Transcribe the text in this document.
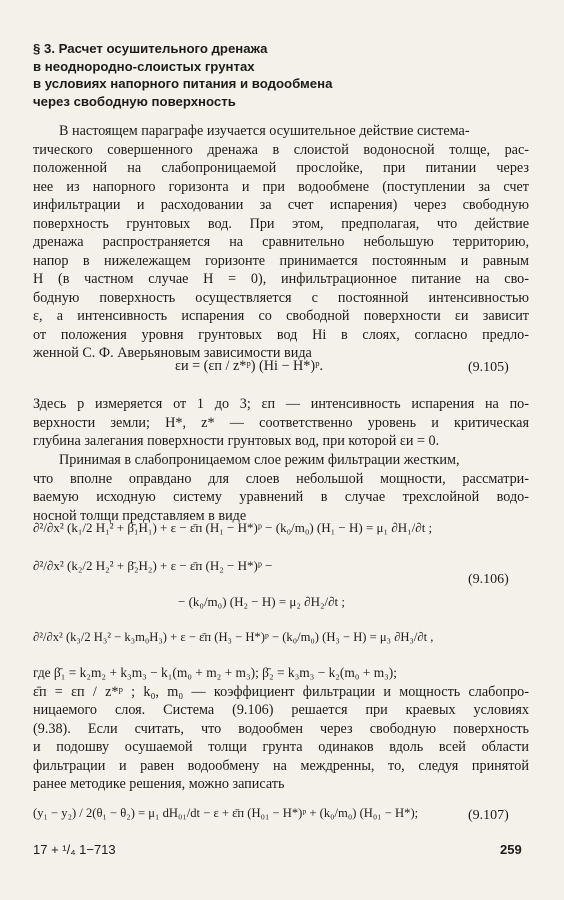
§ 3. Расчет осушительного дренажа
в неоднородно-слоистых грунтах
в условиях напорного питания и водообмена
через свободную поверхность
В настоящем параграфе изучается осушительное действие система-
тического совершенного дренажа в слоистой водоносной толще, рас-
положенной на слабопроницаемой прослойке, при питании через
нее из напорного горизонта и при водообмене (поступлении за счет
инфильтрации и расходовании за счет испарения) через свободную
поверхность грунтовых вод. При этом, предполагая, что действие
дренажа распространяется на сравнительно небольшую территорию,
напор в нижележащем горизонте принимается постоянным и равным
H (в частном случае H = 0), инфильтрационное питание на сво-
бодную поверхность осуществляется с постоянной интенсивностью
ε, а интенсивность испарения со свободной поверхности εи зависит
от положения уровня грунтовых вод Hi в слоях, согласно предло-
женной С. Ф. Аверьяновым зависимости вида
εи = (εп / z*ᵖ) (Hi − H*)ᵖ.	(9.105)
Здесь p измеряется от 1 до 3; εп — интенсивность испарения на по-
верхности земли; H*, z* — соответственно уровень и критическая
глубина залегания поверхности грунтовых вод, при которой εи = 0.
Принимая в слабопроницаемом слое режим фильтрации жестким,
что вполне оправдано для слоев небольшой мощности, рассматри-
ваемую исходную систему уравнений в случае трехслойной водо-
носной толщи представляем в виде
∂²/∂x² (k₁/2 H₁² + β̄₁H₁) + ε − ε̄п (H₁ − H*)ᵖ − (k₀/m₀) (H₁ − H) = μ₁ ∂H₁/∂t ;
∂²/∂x² (k₂/2 H₂² + β̄₂H₂) + ε − ε̄п (H₂ − H*)ᵖ −
(9.106)
− (k₀/m₀) (H₂ − H) = μ₂ ∂H₂/∂t ;
∂²/∂x² (k₃/2 H₃² − k₃m₀H₃) + ε − ε̄п (H₃ − H*)ᵖ − (k₀/m₀) (H₃ − H) = μ₃ ∂H₃/∂t ,
где β̄₁ = k₂m₂ + k₃m₃ − k₁(m₀ + m₂ + m₃); β̄₂ = k₃m₃ − k₂(m₀ + m₃);
ε̄п = εп / z*ᵖ ; k₀, m₀ — коэффициент фильтрации и мощность слабопро-
ницаемого слоя. Система (9.106) решается при краевых условиях
(9.38). Если считать, что водообмен через свободную поверхность
и подошву осушаемой толщи грунта одинаков вдоль всей области
фильтрации и равен водообмену на междренны, то, следуя принятой
ранее методике решения, можно записать
(y₁ − y₂) / 2(θ₁ − θ₂) = μ₁ dH₀₁/dt − ε + ε̄п (H₀₁ − H*)ᵖ + (k₀/m₀) (H₀₁ − H*);	(9.107)
17 + ¹/₄ 1−713	259
